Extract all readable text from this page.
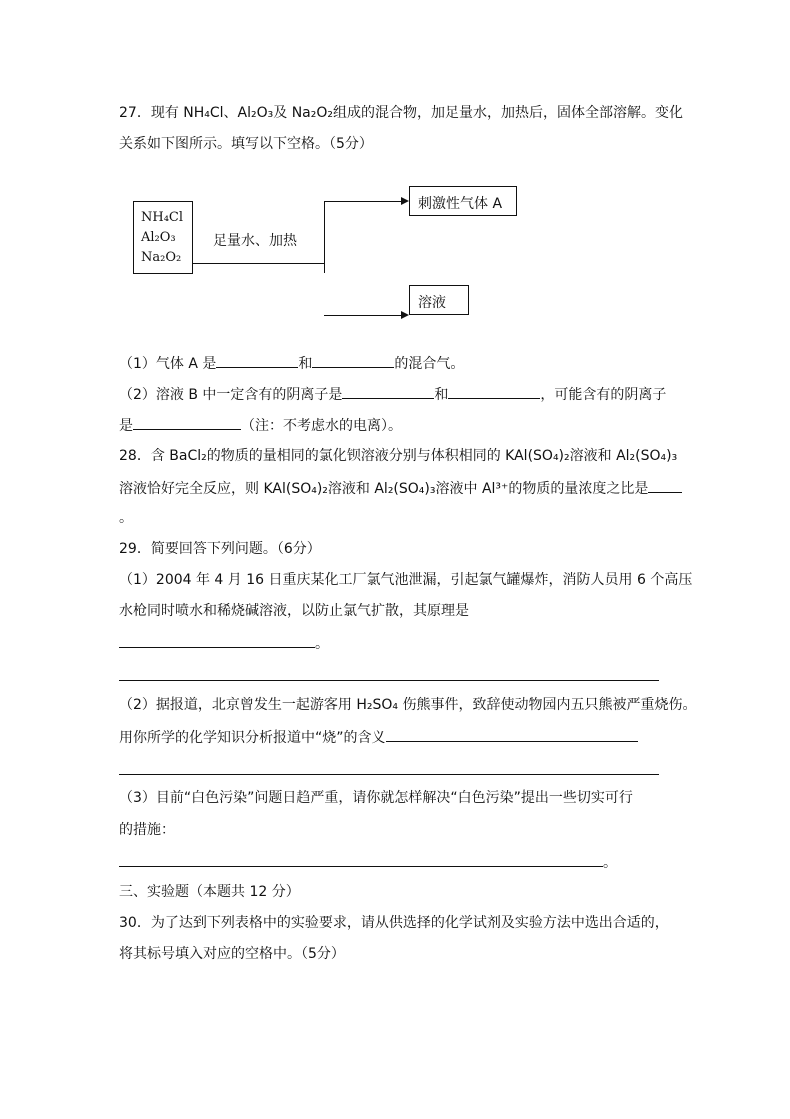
27．现有 NH₄Cl、Al₂O₃及 Na₂O₂组成的混合物，加足量水，加热后，固体全部溶解。变化
关系如下图所示。填写以下空格。（5分）
NH₄Cl
Al₂O₃
Na₂O₂
足量水、加热
刺激性气体 A
溶液
（1）气体 A 是	和	的混合气。
（2）溶液 B 中一定含有的阴离子是	和	，可能含有的阴离子
是	（注：不考虑水的电离）。
28．含 BaCl₂的物质的量相同的氯化钡溶液分别与体积相同的 KAl(SO₄)₂溶液和 Al₂(SO₄)₃
溶液恰好完全反应，则 KAl(SO₄)₂溶液和 Al₂(SO₄)₃溶液中 Al³⁺的物质的量浓度之比是
。
29．简要回答下列问题。（6分）
（1）2004 年 4 月 16 日重庆某化工厂氯气池泄漏，引起氯气罐爆炸，消防人员用 6 个高压
水枪同时喷水和稀烧碱溶液，以防止氯气扩散，其原理是
。
（2）据报道，北京曾发生一起游客用 H₂SO₄ 伤熊事件，致辞使动物园内五只熊被严重烧伤。
用你所学的化学知识分析报道中“烧”的含义
（3）目前“白色污染”问题日趋严重，请你就怎样解决“白色污染”提出一些切实可行
的措施：
。
三、实验题（本题共 12 分）
30．为了达到下列表格中的实验要求，请从供选择的化学试剂及实验方法中选出合适的，
将其标号填入对应的空格中。（5分）
